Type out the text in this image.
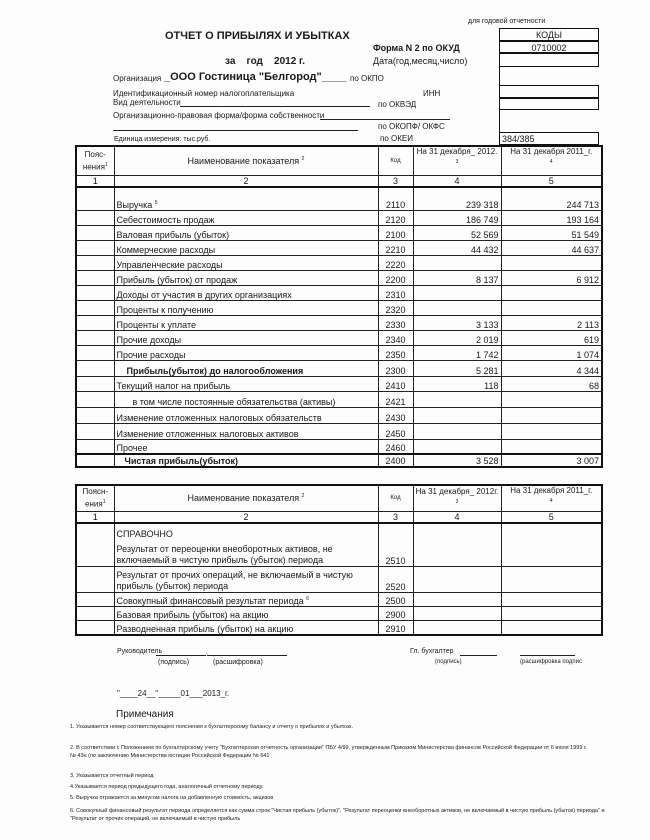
для годовой отчетности
ОТЧЕТ О ПРИБЫЛЯХ И УБЫТКАХ
за год 2012 г.
Форма N 2 по ОКУД
Дата(год,месяц,число)
Организация _ООО Гостиница "Белгород"____ по ОКПО
Идентификационный номер налогоплательщика	ИНН
Вид деятельности	по ОКВЭД
Организационно-правовая форма/форма собственности
по ОКОПФ/ ОКФС
Единица измерения: тыс.руб.	по ОКЕИ
КОДЫ
0710002
384/385
Пояснения$^1$	Наименование показателя $^2$	Код	На 31 декабря_ 2012.
$^3$	На 31 декабря 2011_г.
$^4$
1	2	3	4	5
	Выручка $^5$	2110	239 318	244 713
	Себестоимость продаж	2120	186 749	193 164
	Валовая прибыль (убыток)	2100	52 569	51 549
	Коммерческие расходы	2210	44 432	44 637
	Управленческие расходы	2220		
	Прибыль (убыток) от продаж	2200	8 137	6 912
	Доходы от участия в других организациях	2310		
	Проценты к получению	2320		
	Проценты к уплате	2330	3 133	2 113
	Прочие доходы	2340	2 019	619
	Прочие расходы	2350	1 742	1 074
	Прибыль(убыток) до налогообложения	2300	5 281	4 344
	Текущий налог на прибыль	2410	118	68
	в том числе постоянные обязательства (активы)	2421		
	Изменение отложенных налоговых обязательств	2430		
	Изменение отложенных налоговых активов	2450		
	Прочее	2460		
	Чистая прибыль(убыток)	2400	3 528	3 007
Пояснения$^1$	Наименование показателя $^2$	Код	На 31 декабря_ 2012г. $^3$	На 31 декабря 2011_г.
$^4$
1	2	3	4	5

	СПРАВОЧНО
Результат от переоценки внеоборотных активов, не включаемый в чистую прибыль (убыток) периода	2510		
	Результат от прочих операций, не включаемый в чистую прибыль (убыток) периода	2520		
	Совокупный финансовый результат периода $^6$	2500		
	Базовая прибыль (убыток) на акцию	2900		
	Разводненная прибыль (убыток) на акцию	2910		
Руководитель
(подпись)	(расшифровка)
Гл. бухгалтер
(подпись)	(расшифровка подпис
"____24__"_____01___2013_г.
Примечания
1. Указывается номер соответствующего пояснения к бухгалтерскому балансу и отчету о прибылях и убытках.
2. В соответствии с Положением по бухгалтерскому учету "Бухгалтерская отчетность организации" ПБУ 4/99, утвержденным Приказом Министерства финансов Российской Федерации от 6 июля 1999 г. № 43н (по заключению Министерства юстиции Российской Федерации № 641
3. Указывается отчетный период
4.Указывается период предыдущего года, аналогичный отчетному периоду.
5. Выручка отражается за минусом налога на добавленную стоимость, акцизов
6. Совокупный финансовый результат периода определяется как сумма строк "Чистая прибыль (убыток)", "Результат переоценки внеоборотных активов, не включаемый в чистую прибыль (убыток) периода" и "Результат от прочих операций, не включаемый в чистую прибыль
